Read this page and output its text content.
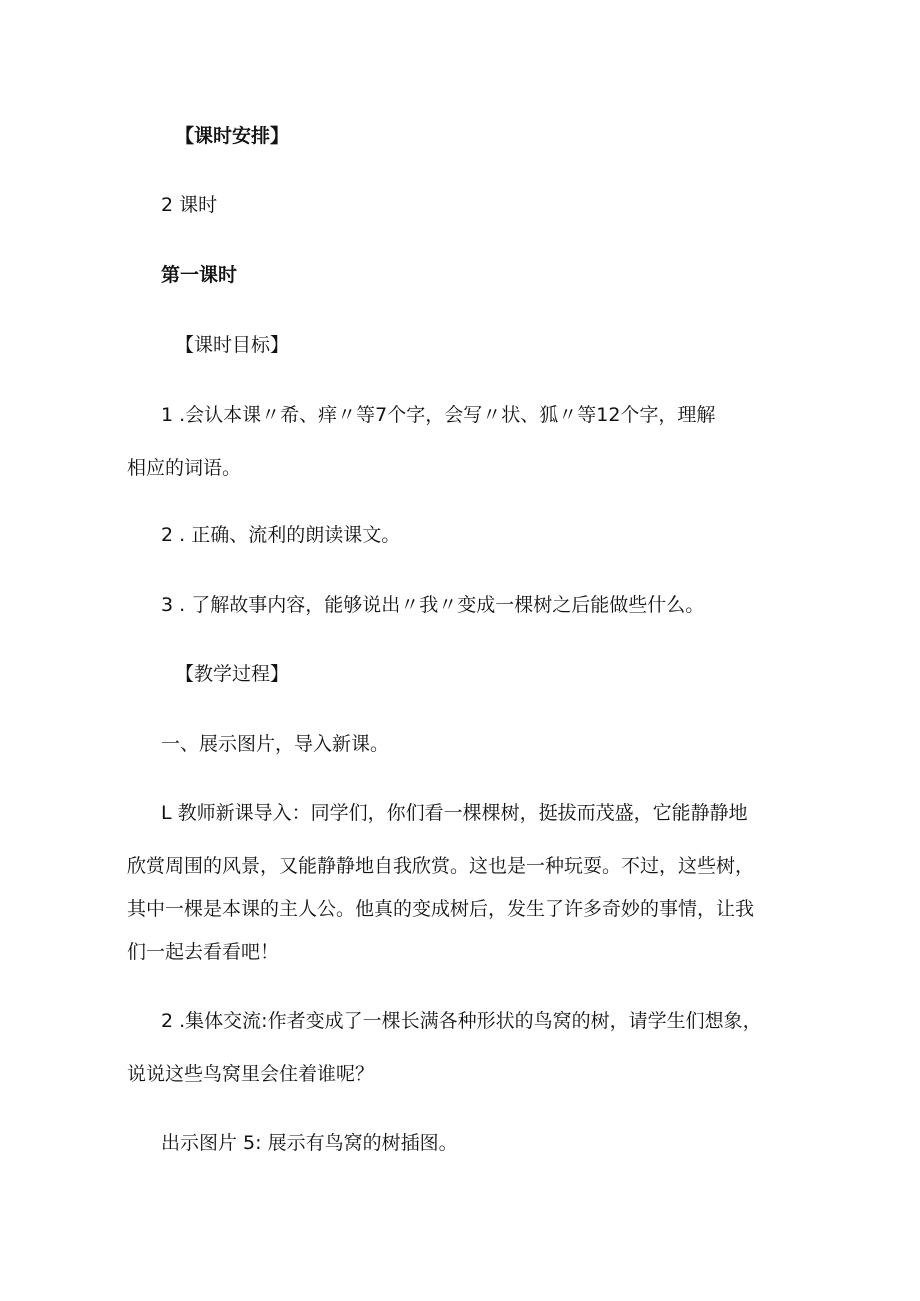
【课时安排】
2 课时
第一课时
【课时目标】
1 .会认本课〃希、痒〃等7个字，会写〃状、狐〃等12个字，理解
相应的词语。
2 . 正确、流利的朗读课文。
3 . 了解故事内容，能够说出〃我〃变成一棵树之后能做些什么。
【教学过程】
一、展示图片，导入新课。
L 教师新课导入：同学们，你们看一棵棵树，挺拔而茂盛，它能静静地
欣赏周围的风景，又能静静地自我欣赏。这也是一种玩耍。不过，这些树，
其中一棵是本课的主人公。他真的变成树后，发生了许多奇妙的事情，让我
们一起去看看吧！
2 .集体交流:作者变成了一棵长满各种形状的鸟窝的树，请学生们想象，
说说这些鸟窝里会住着谁呢？
出示图片 5: 展示有鸟窝的树插图。
